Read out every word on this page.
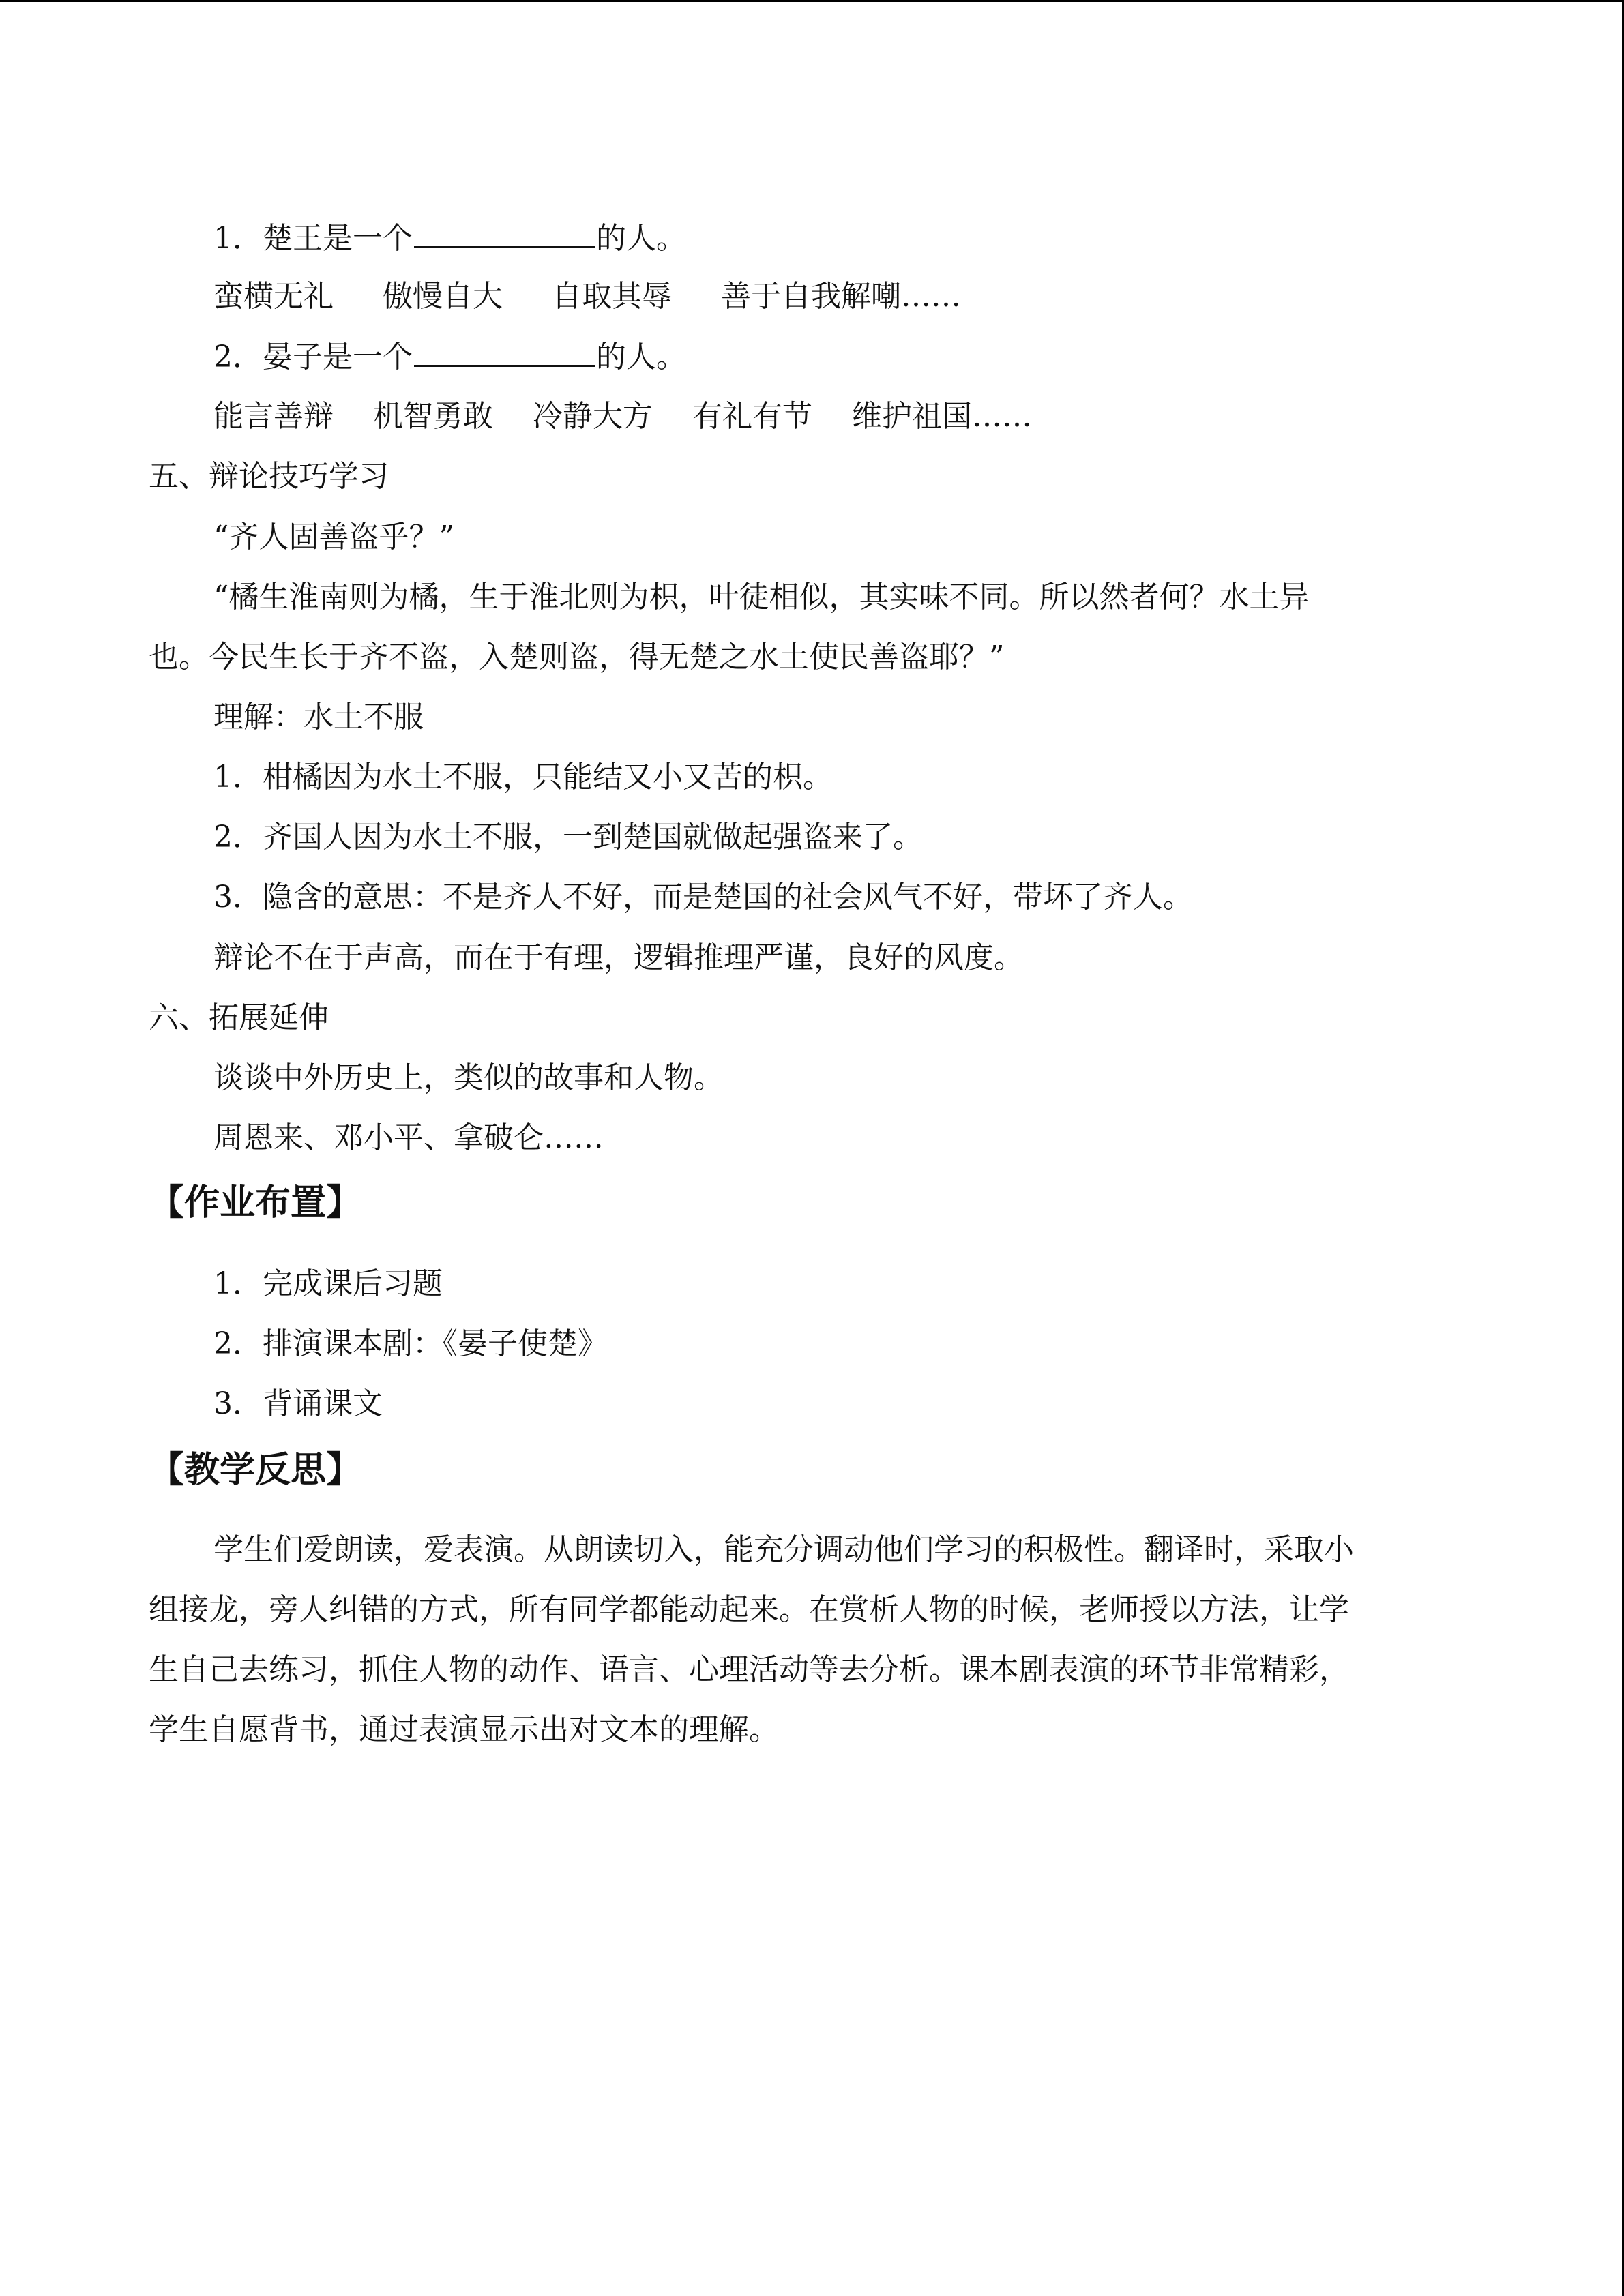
1．楚王是一个	的人。
蛮横无礼 傲慢自大 自取其辱 善于自我解嘲……
2．晏子是一个	的人。
能言善辩 机智勇敢 冷静大方 有礼有节 维护祖国……
五、辩论技巧学习
“齐人固善盗乎？”
“橘生淮南则为橘，生于淮北则为枳，叶徒相似，其实味不同。所以然者何？水土异
也。今民生长于齐不盗，入楚则盗，得无楚之水土使民善盗耶？”
理解：水土不服
1．柑橘因为水土不服，只能结又小又苦的枳。
2．齐国人因为水土不服，一到楚国就做起强盗来了。
3．隐含的意思：不是齐人不好，而是楚国的社会风气不好，带坏了齐人。
辩论不在于声高，而在于有理，逻辑推理严谨，良好的风度。
六、拓展延伸
谈谈中外历史上，类似的故事和人物。
周恩来、邓小平、拿破仑……
【作业布置】
1．完成课后习题
2．排演课本剧：《晏子使楚》
3．背诵课文
【教学反思】
学生们爱朗读，爱表演。从朗读切入，能充分调动他们学习的积极性。翻译时，采取小
组接龙，旁人纠错的方式，所有同学都能动起来。在赏析人物的时候，老师授以方法，让学
生自己去练习，抓住人物的动作、语言、心理活动等去分析。课本剧表演的环节非常精彩，
学生自愿背书，通过表演显示出对文本的理解。
